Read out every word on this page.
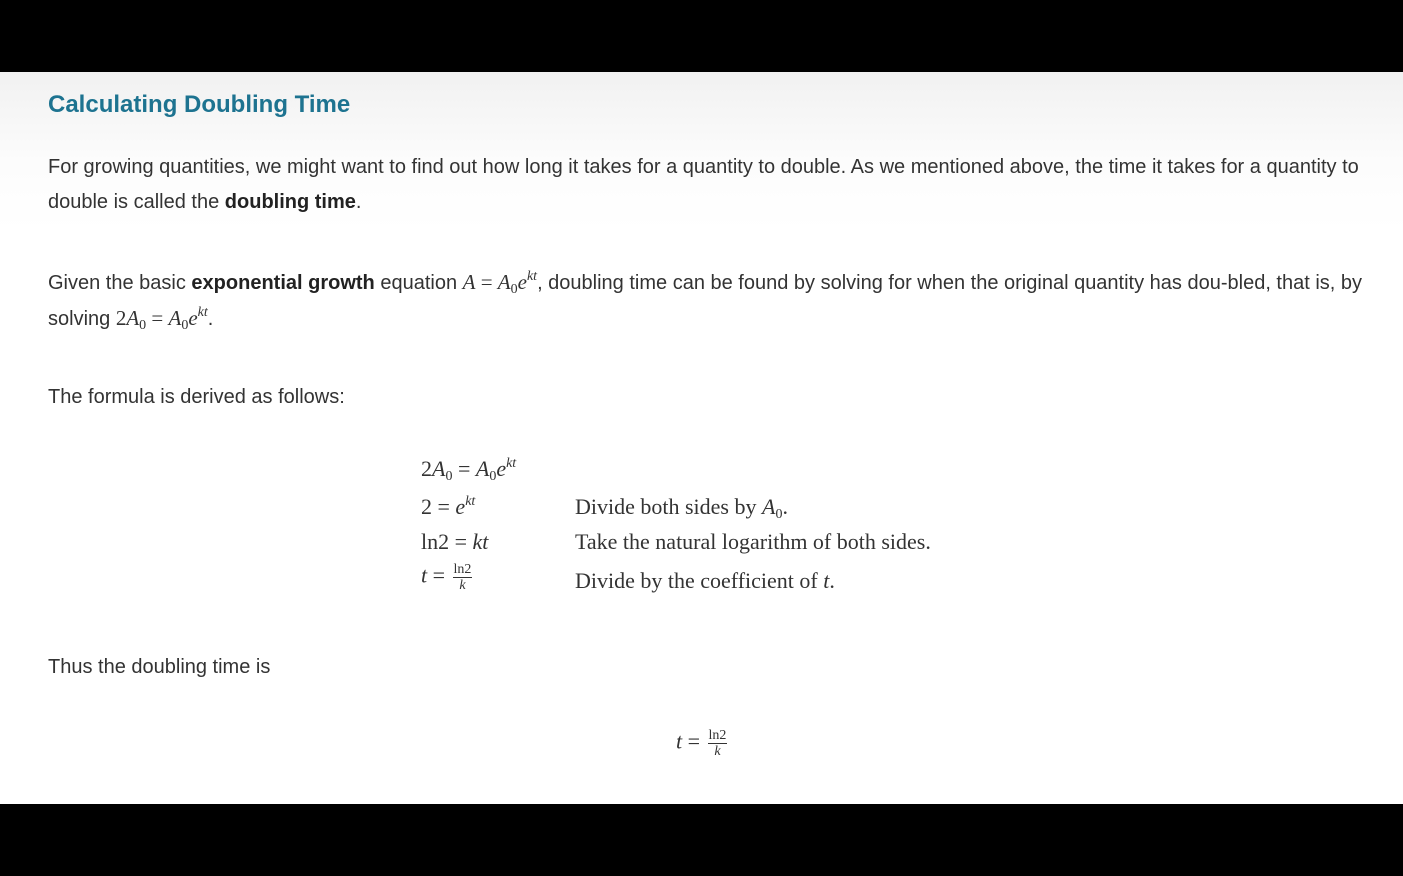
Calculating Doubling Time

For growing quantities, we might want to find out how long it takes for a quantity to double. As we mentioned above, the time it takes for a quantity to double is called the doubling time.

Given the basic exponential growth equation $A = A_0e^{kt}$, doubling time can be found by solving for when the original quantity has dou-bled, that is, by solving $2A_0 = A_0e^{kt}$.

The formula is derived as follows:

$2A_0 = A_0e^{kt}$
$2 = e^{kt}$	Divide both sides by $A_0$.
ln2 = kt	Take the natural logarithm of both sides.
$t = \frac{\ln 2}{k}$	Divide by the coefficient of t.

Thus the doubling time is

$t = \frac{\ln 2}{k}$
